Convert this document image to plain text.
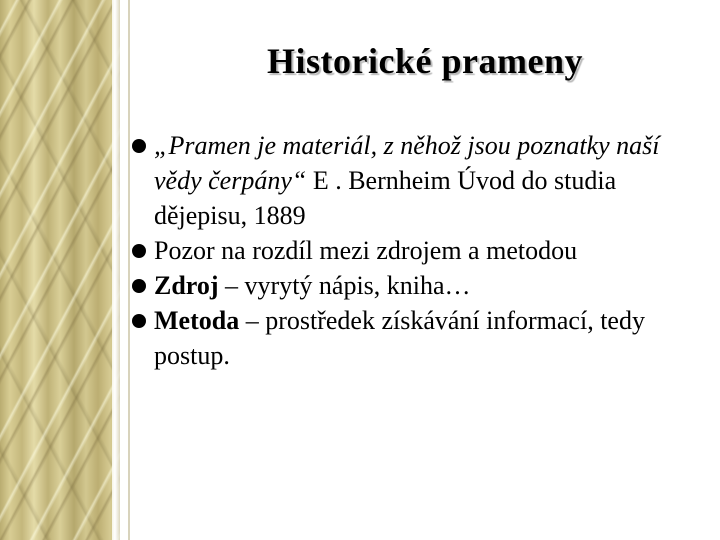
Historické prameny
„Pramen je materiál, z něhož jsou poznatky naší vědy čerpány“ E . Bernheim Úvod do studia dějepisu, 1889
Pozor na rozdíl mezi zdrojem a metodou
Zdroj – vyrytý nápis, kniha…
Metoda – prostředek získávání informací, tedy postup.
